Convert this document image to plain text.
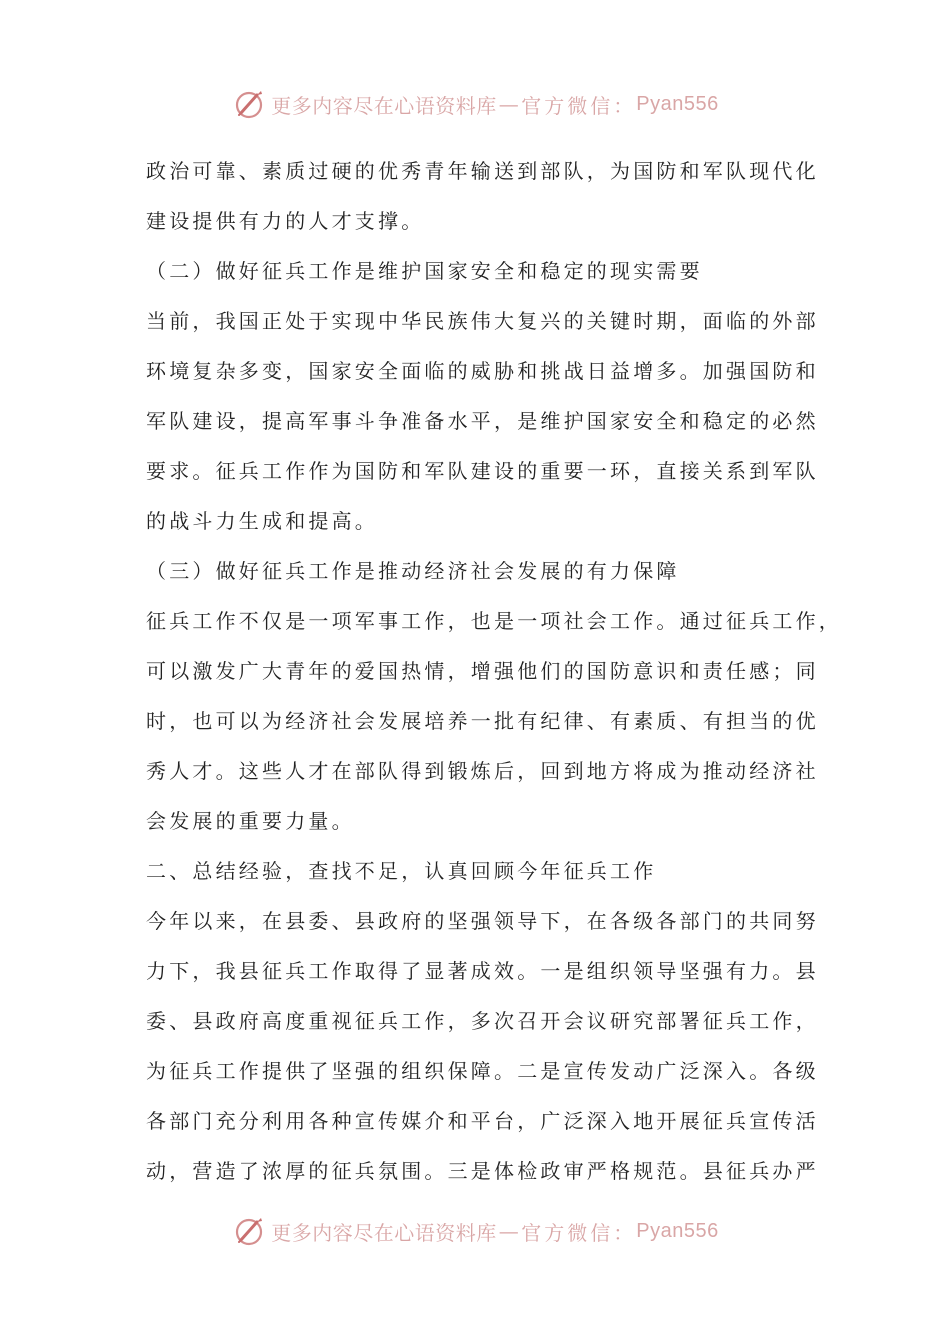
更多内容尽在心语资料库 — 官方微信： Pyan556
政治可靠、素质过硬的优秀青年输送到部队，为国防和军队现代化
建设提供有力的人才支撑。
（二）做好征兵工作是维护国家安全和稳定的现实需要
当前，我国正处于实现中华民族伟大复兴的关键时期，面临的外部
环境复杂多变，国家安全面临的威胁和挑战日益增多。加强国防和
军队建设，提高军事斗争准备水平，是维护国家安全和稳定的必然
要求。征兵工作作为国防和军队建设的重要一环，直接关系到军队
的战斗力生成和提高。
（三）做好征兵工作是推动经济社会发展的有力保障
征兵工作不仅是一项军事工作，也是一项社会工作。通过征兵工作，
可以激发广大青年的爱国热情，增强他们的国防意识和责任感；同
时，也可以为经济社会发展培养一批有纪律、有素质、有担当的优
秀人才。这些人才在部队得到锻炼后，回到地方将成为推动经济社
会发展的重要力量。
二、总结经验，查找不足，认真回顾今年征兵工作
今年以来，在县委、县政府的坚强领导下，在各级各部门的共同努
力下，我县征兵工作取得了显著成效。一是组织领导坚强有力。县
委、县政府高度重视征兵工作，多次召开会议研究部署征兵工作，
为征兵工作提供了坚强的组织保障。二是宣传发动广泛深入。各级
各部门充分利用各种宣传媒介和平台，广泛深入地开展征兵宣传活
动，营造了浓厚的征兵氛围。三是体检政审严格规范。县征兵办严
更多内容尽在心语资料库 — 官方微信： Pyan556
